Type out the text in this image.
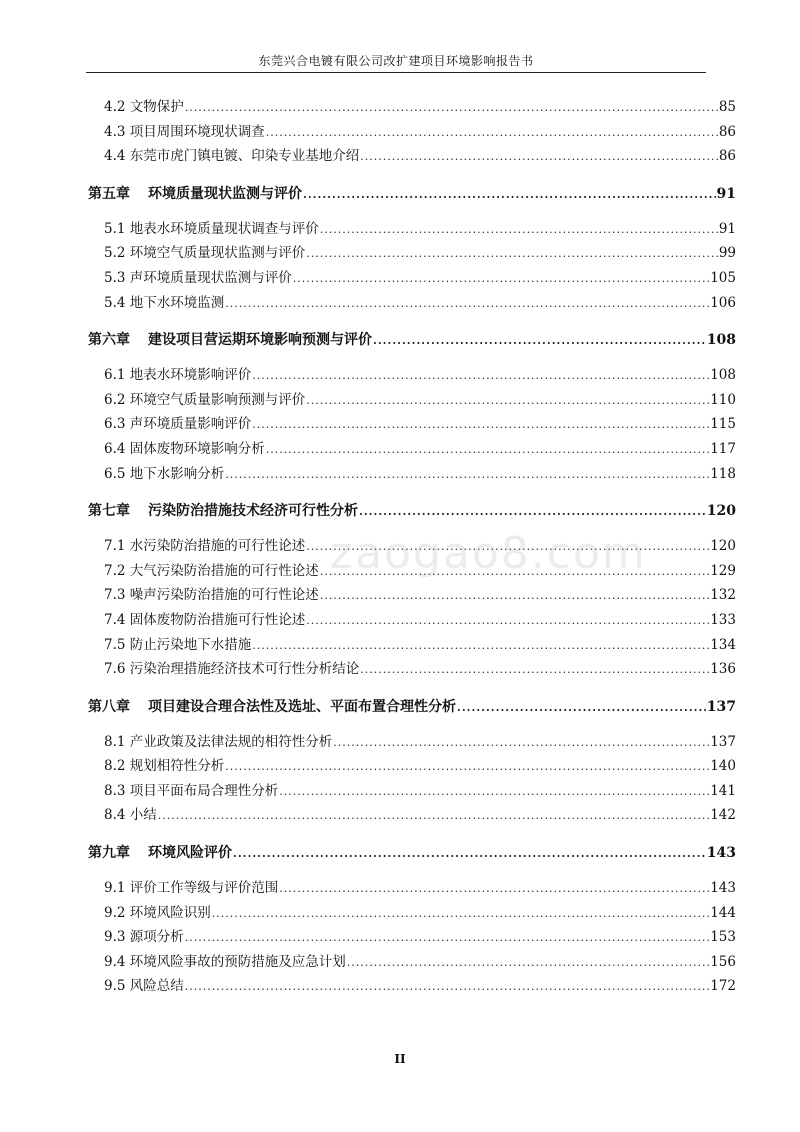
东莞兴合电镀有限公司改扩建项目环境影响报告书
4.2 文物保护 .....	85
4.3 项目周围环境现状调查 .....	86
4.4 东莞市虎门镇电镀、印染专业基地介绍 .....	86
第五章 环境质量现状监测与评价 .....	91
5.1 地表水环境质量现状调查与评价 .....	91
5.2 环境空气质量现状监测与评价 .....	99
5.3 声环境质量现状监测与评价 .....	105
5.4 地下水环境监测 .....	106
第六章 建设项目营运期环境影响预测与评价 .....	108
6.1 地表水环境影响评价 .....	108
6.2 环境空气质量影响预测与评价 .....	110
6.3 声环境质量影响评价 .....	115
6.4 固体废物环境影响分析 .....	117
6.5 地下水影响分析 .....	118
第七章 污染防治措施技术经济可行性分析 .....	120
7.1 水污染防治措施的可行性论述 .....	120
7.2 大气污染防治措施的可行性论述 .....	129
7.3 噪声污染防治措施的可行性论述 .....	132
7.4 固体废物防治措施可行性论述 .....	133
7.5 防止污染地下水措施 .....	134
7.6 污染治理措施经济技术可行性分析结论 .....	136
第八章 项目建设合理合法性及选址、平面布置合理性分析 .....	137
8.1 产业政策及法律法规的相符性分析 .....	137
8.2 规划相符性分析 .....	140
8.3 项目平面布局合理性分析 .....	141
8.4 小结 .....	142
第九章 环境风险评价 .....	143
9.1 评价工作等级与评价范围 .....	143
9.2 环境风险识别 .....	144
9.3 源项分析 .....	153
9.4 环境风险事故的预防措施及应急计划 .....	156
9.5 风险总结 .....	172
zaogao8.com
II
